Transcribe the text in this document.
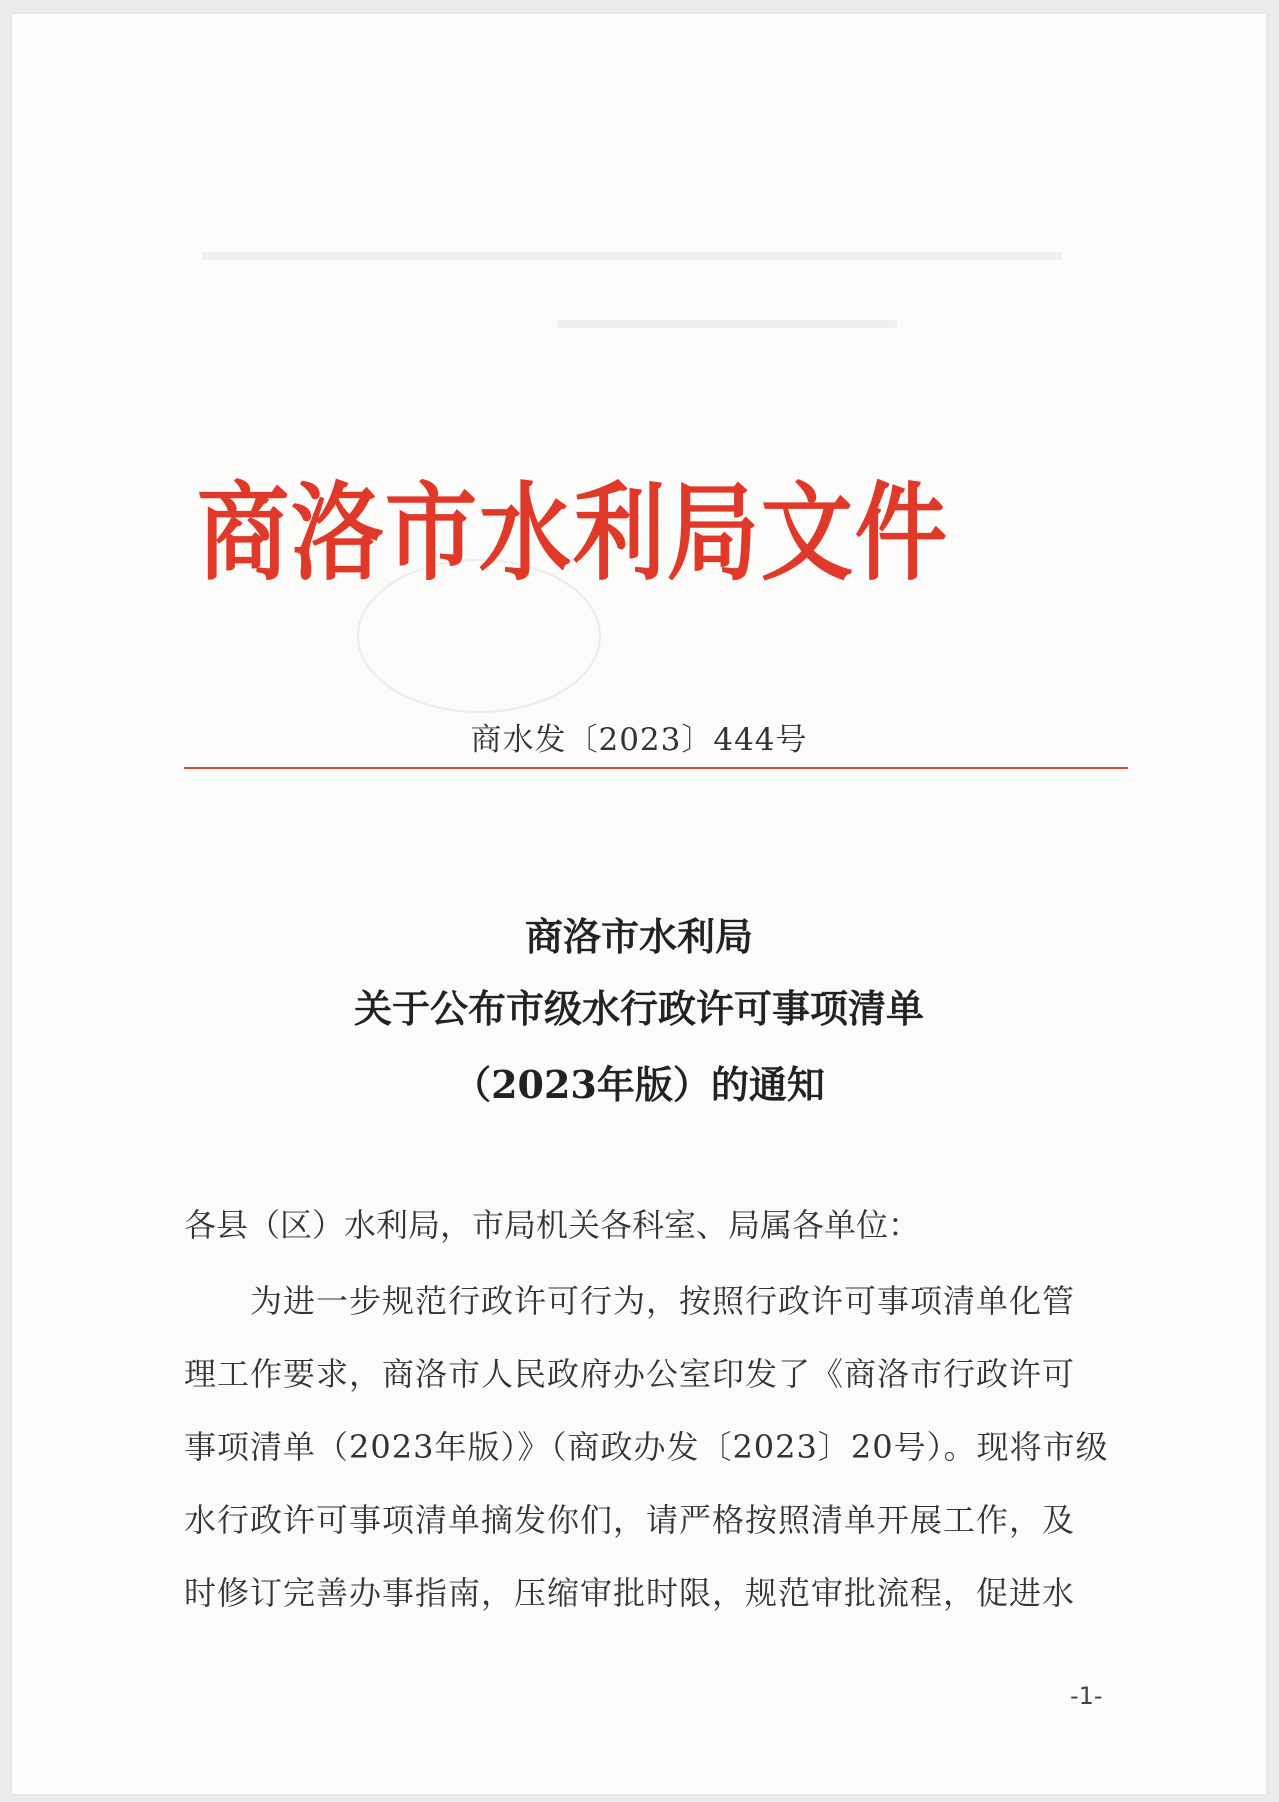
商洛市水利局文件
商水发〔2023〕444号
商洛市水利局
关于公布市级水行政许可事项清单
（2023年版）的通知
各县（区）水利局，市局机关各科室、局属各单位：
　　为进一步规范行政许可行为，按照行政许可事项清单化管
理工作要求，商洛市人民政府办公室印发了《商洛市行政许可
事项清单（2023年版）》（商政办发〔2023〕20号）。现将市级
水行政许可事项清单摘发你们，请严格按照清单开展工作，及
时修订完善办事指南，压缩审批时限，规范审批流程，促进水
-1-
